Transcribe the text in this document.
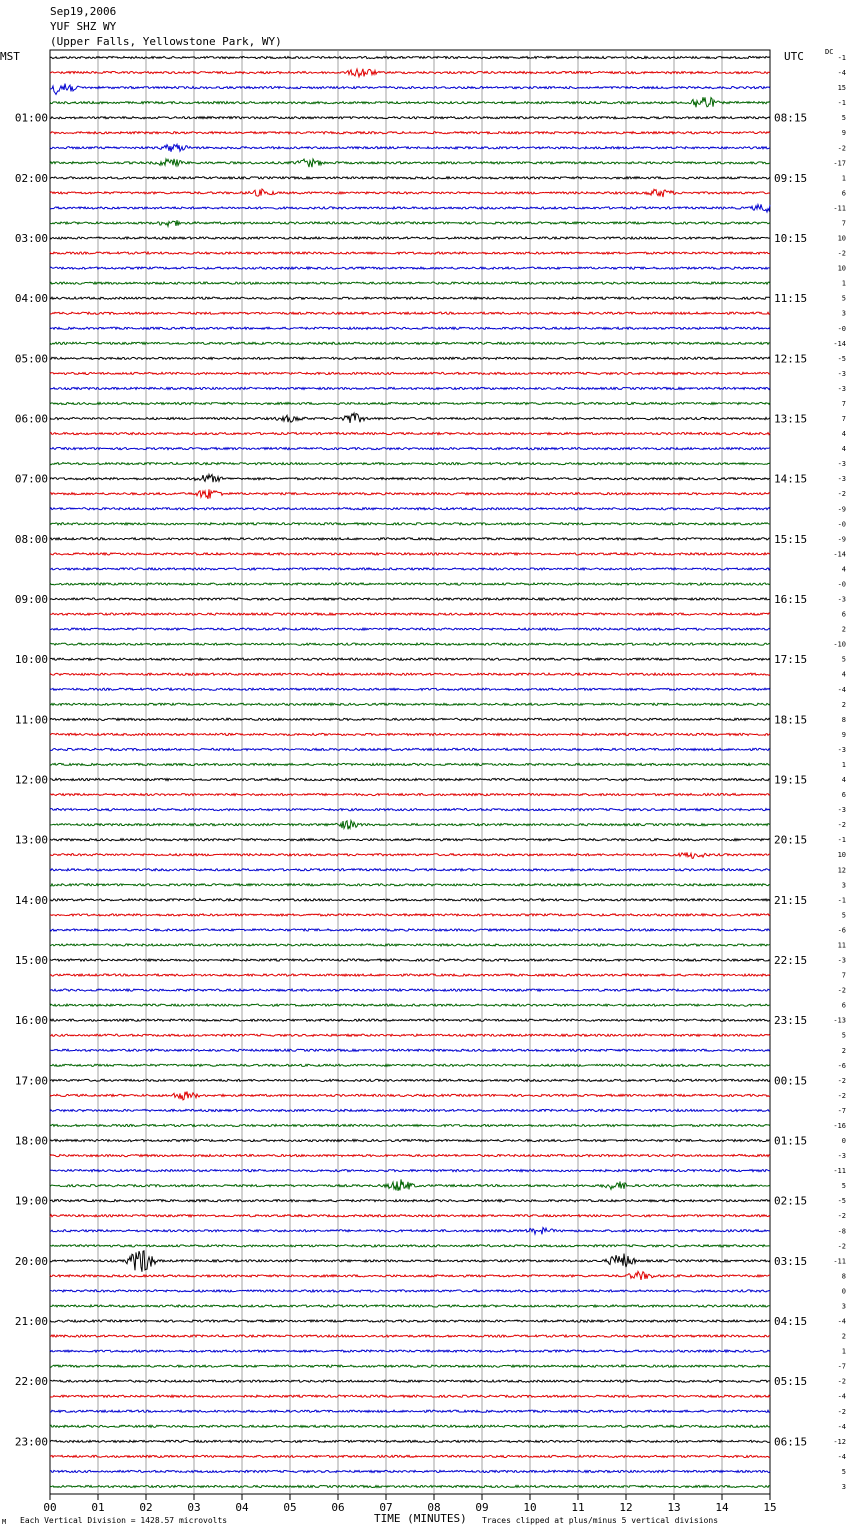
Sep19,2006
YUF SHZ WY
(Upper Falls, Yellowstone Park, WY)
MST	UTC	DC
-1
-4
15
-1
5
9
-2
-17
1
6
-11
7
10
-2
10
1
5
3
-0
-14
-5
-3
-3
7
7
4
4
-3
-3
-2
-9
-0
-9
-14
4
-0
-3
6
2
-10
5
4
-4
2
8
9
-3
1
4
6
-3
-2
-1
10
12
3
-1
5
-6
11
-3
7
-2
6
-13
5
2
-6
-2
-2
-7
-16
0
-3
-11
5
-5
-2
-8
-2
-11
8
0
3
-4
2
1
-7
-2
-4
-2
-4
-12
-4
5
3
01:00
02:00
03:00
04:00
05:00
06:00
07:00
08:00
09:00
10:00
11:00
12:00
13:00
14:00
15:00
16:00
17:00
18:00
19:00
20:00
21:00
22:00
23:00
08:15
09:15
10:15
11:15
12:15
13:15
14:15
15:15
16:15
17:15
18:15
19:15
20:15
21:15
22:15
23:15
00:15
01:15
02:15
03:15
04:15
05:15
06:15
00	01	02	03	04	05	06	07	08	09	10	11	12	13	14	15
TIME (MINUTES)
M Each Vertical Division = 1428.57 microvolts	Traces clipped at plus/minus 5 vertical divisions
